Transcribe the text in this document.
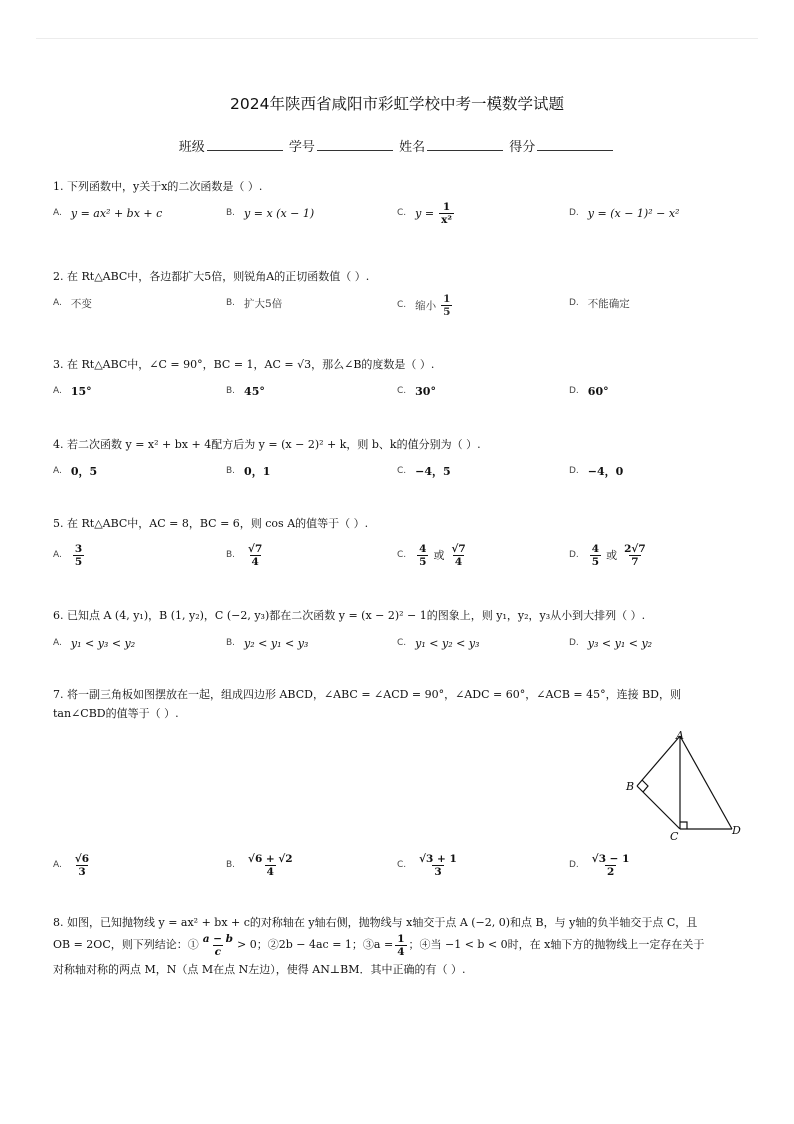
2024年陕西省咸阳市彩虹学校中考一模数学试题
班级	学号	姓名	得分
1. 下列函数中，y关于x的二次函数是（ ）.
A. y = ax² + bx + c	B. y = x (x − 1)	C. $y = \frac{1}{\text{x²}}$	D. y = (x − 1)² − x²
2. 在 Rt△ABC中，各边都扩大5倍，则锐角A的正切函数值（ ）.
A. 不变	B. 扩大5倍	C. 缩小 $\frac{1}{5}$	D. 不能确定
3. 在 Rt△ABC中，∠C = 90°，BC = 1，AC = √3，那么∠B的度数是（ ）.
A. 15°	B. 45°	C. 30°	D. 60°
4. 若二次函数 y = x² + bx + 4配方后为 y = (x − 2)² + k，则 b、k的值分别为（ ）.
A. 0，5	B. 0，1	C. −4，5	D. −4，0
5. 在 Rt△ABC中，AC = 8，BC = 6，则 cos A的值等于（ ）.
A. $\frac{3}{5}$	B. $\frac{√7}{4}$	C. $\frac{4}{5}$ 或 $\frac{√7}{4}$	D. $\frac{4}{5}$ 或 $\frac{2√7}{7}$
6. 已知点 A (4, y₁)，B (1, y₂)，C (−2, y₃)都在二次函数 y = (x − 2)² − 1的图象上，则 y₁，y₂，y₃从小到大排列（ ）.
A. y₁ < y₃ < y₂	B. y₂ < y₁ < y₃	C. y₁ < y₂ < y₃	D. y₃ < y₁ < y₂
7. 将一副三角板如图摆放在一起，组成四边形 ABCD，∠ABC = ∠ACD = 90°，∠ADC = 60°，∠ACB = 45°，连接 BD，则
tan∠CBD的值等于（ ）.
A
B
C	D
A. $\frac{√6}{3}$	B. $\frac{√6 + √2}{4}$	C. $\frac{√3 + 1}{3}$	D. $\frac{√3 - 1}{2}$
8. 如图，已知抛物线 y = ax² + bx + c的对称轴在 y轴右侧，抛物线与 x轴交于点 A (−2, 0)和点 B，与 y轴的负半轴交于点 C，且
OB = 2OC，则下列结论：① $\frac{a - b}{c} > 0$；②2b − 4ac = 1；③a = $\frac{1}{4}$ ；④当 −1 < b < 0时，在 x轴下方的抛物线上一定存在关于
对称轴对称的两点 M，N（点 M在点 N左边），使得 AN⊥BM．其中正确的有（ ）.
